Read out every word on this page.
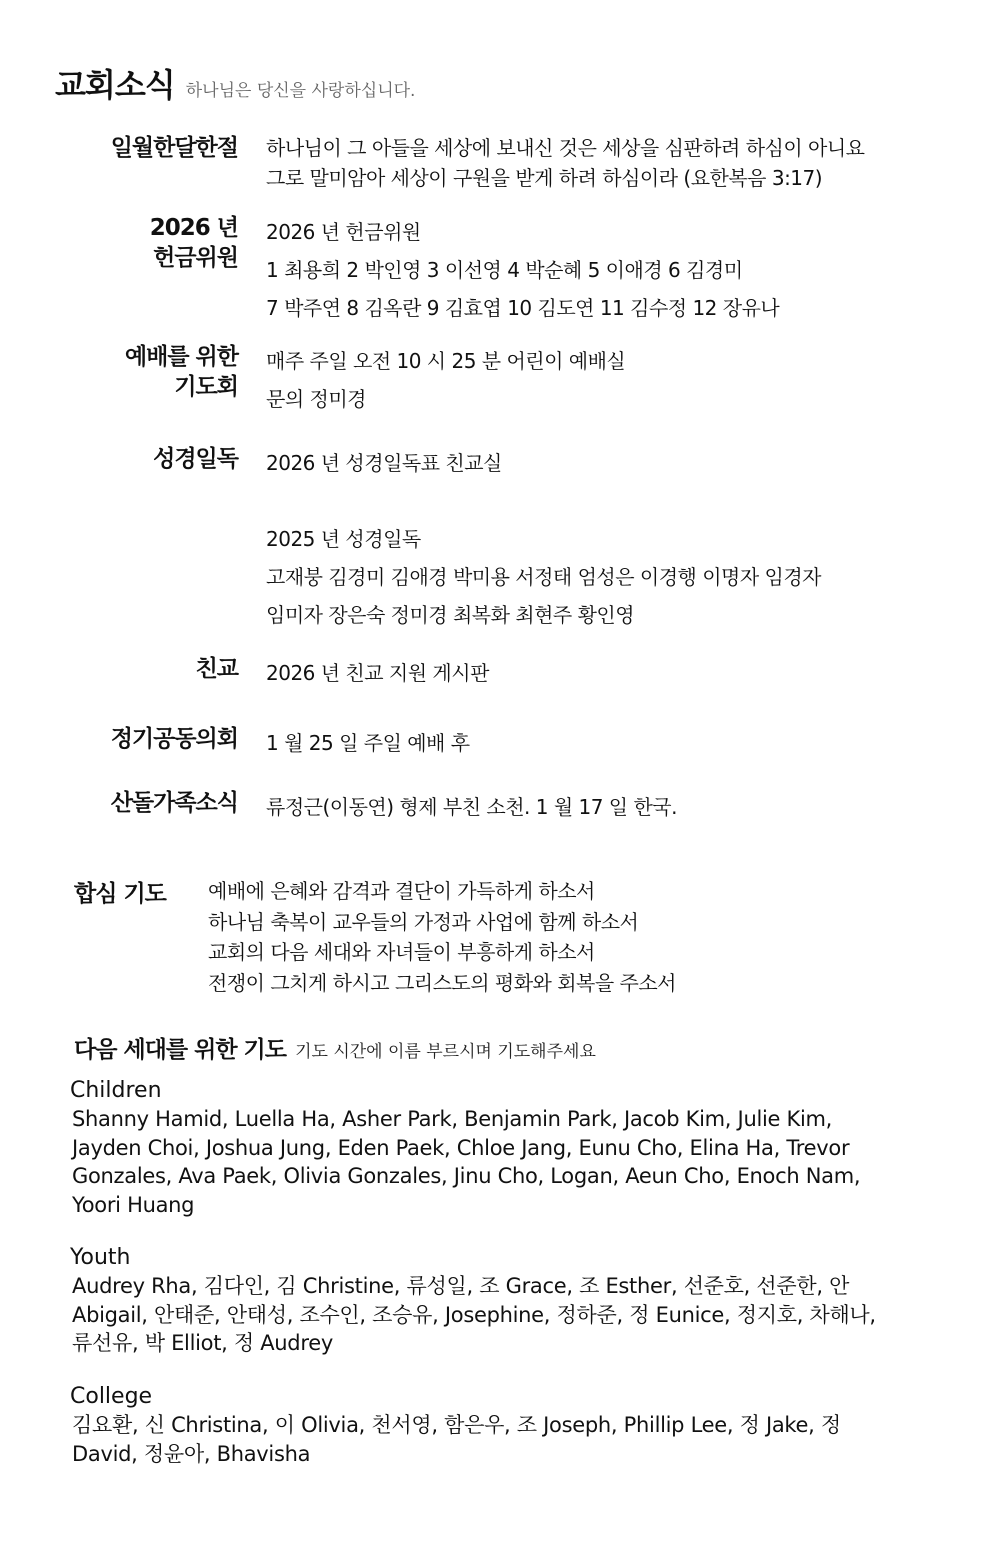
교회소식 하나님은 당신을 사랑하십니다.
일월한달한절 하나님이 그 아들을 세상에 보내신 것은 세상을 심판하려 하심이 아니요
그로 말미암아 세상이 구원을 받게 하려 하심이라 (요한복음 3:17)
2026 년
헌금위원
2026 년 헌금위원
1 최용희 2 박인영 3 이선영 4 박순혜 5 이애경 6 김경미
7 박주연 8 김옥란 9 김효엽 10 김도연 11 김수정 12 장유나
예배를 위한
기도회
매주 주일 오전 10 시 25 분 어린이 예배실
문의 정미경
성경일독 2026 년 성경일독표 친교실
2025 년 성경일독
고재붕 김경미 김애경 박미용 서정태 엄성은 이경행 이명자 임경자
임미자 장은숙 정미경 최복화 최현주 황인영
친교 2026 년 친교 지원 게시판
정기공동의회 1 월 25 일 주일 예배 후
산돌가족소식 류정근(이동연) 형제 부친 소천. 1 월 17 일 한국.
합심 기도 예배에 은혜와 감격과 결단이 가득하게 하소서
하나님 축복이 교우들의 가정과 사업에 함께 하소서
교회의 다음 세대와 자녀들이 부흥하게 하소서
전쟁이 그치게 하시고 그리스도의 평화와 회복을 주소서
다음 세대를 위한 기도 기도 시간에 이름 부르시며 기도해주세요
Children
Shanny Hamid, Luella Ha, Asher Park, Benjamin Park, Jacob Kim, Julie Kim,
Jayden Choi, Joshua Jung, Eden Paek, Chloe Jang, Eunu Cho, Elina Ha, Trevor
Gonzales, Ava Paek, Olivia Gonzales, Jinu Cho, Logan, Aeun Cho, Enoch Nam,
Yoori Huang
Youth
Audrey Rha, 김다인, 김 Christine, 류성일, 조 Grace, 조 Esther, 선준호, 선준한, 안
Abigail, 안태준, 안태성, 조수인, 조승유, Josephine, 정하준, 정 Eunice, 정지호, 차해나,
류선유, 박 Elliot, 정 Audrey
College
김요환, 신 Christina, 이 Olivia, 천서영, 함은우, 조 Joseph, Phillip Lee, 정 Jake, 정
David, 정윤아, Bhavisha
